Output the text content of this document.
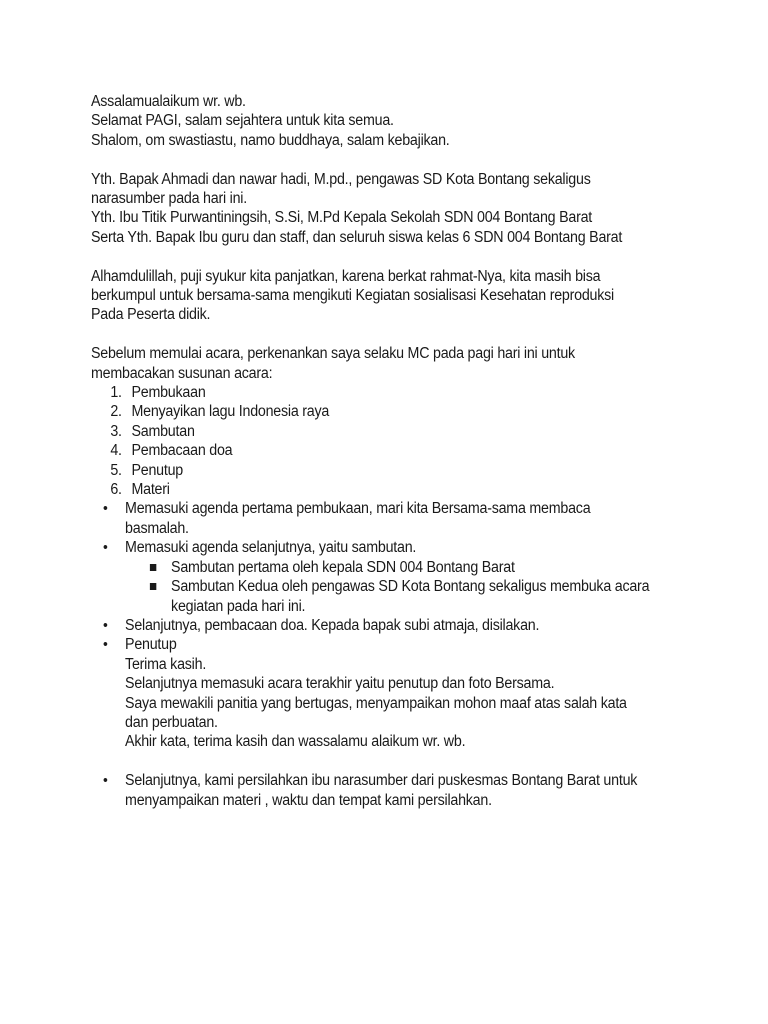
Assalamualaikum wr. wb.
Selamat PAGI, salam sejahtera untuk kita semua.
Shalom, om swastiastu, namo buddhaya, salam kebajikan.
Yth. Bapak Ahmadi dan nawar hadi, M.pd., pengawas SD Kota Bontang sekaligus
narasumber pada hari ini.
Yth. Ibu Titik Purwantiningsih, S.Si, M.Pd Kepala Sekolah SDN 004 Bontang Barat
Serta Yth. Bapak Ibu guru dan staff, dan seluruh siswa kelas 6 SDN 004 Bontang Barat
Alhamdulillah, puji syukur kita panjatkan, karena berkat rahmat-Nya, kita masih bisa
berkumpul untuk bersama-sama mengikuti Kegiatan sosialisasi Kesehatan reproduksi
Pada Peserta didik.
Sebelum memulai acara, perkenankan saya selaku MC pada pagi hari ini untuk
membacakan susunan acara:
1. Pembukaan
2. Menyayikan lagu Indonesia raya
3. Sambutan
4. Pembacaan doa
5. Penutup
6. Materi
• Memasuki agenda pertama pembukaan, mari kita Bersama-sama membaca
basmalah.
• Memasuki agenda selanjutnya, yaitu sambutan.
Sambutan pertama oleh kepala SDN 004 Bontang Barat
Sambutan Kedua oleh pengawas SD Kota Bontang sekaligus membuka acara
kegiatan pada hari ini.
• Selanjutnya, pembacaan doa. Kepada bapak subi atmaja, disilakan.
• Penutup
Terima kasih.
Selanjutnya memasuki acara terakhir yaitu penutup dan foto Bersama.
Saya mewakili panitia yang bertugas, menyampaikan mohon maaf atas salah kata
dan perbuatan.
Akhir kata, terima kasih dan wassalamu alaikum wr. wb.
• Selanjutnya, kami persilahkan ibu narasumber dari puskesmas Bontang Barat untuk
menyampaikan materi , waktu dan tempat kami persilahkan.
